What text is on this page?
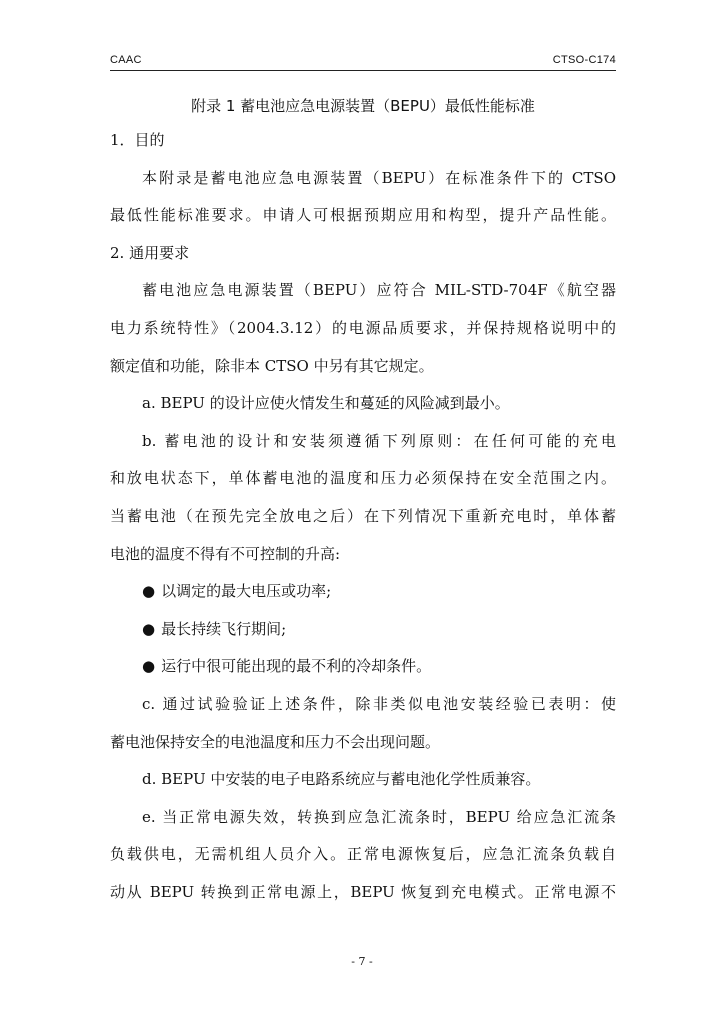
CAAC	CTSO-C174

附录 1 蓄电池应急电源装置（BEPU）最低性能标准

1．目的

本附录是蓄电池应急电源装置（BEPU）在标准条件下的 CTSO

最低性能标准要求。申请人可根据预期应用和构型，提升产品性能。

2. 通用要求

蓄电池应急电源装置（BEPU）应符合 MIL-STD-704F《航空器

电力系统特性》（2004.3.12）的电源品质要求，并保持规格说明中的

额定值和功能，除非本 CTSO 中另有其它规定。

a. BEPU 的设计应使火情发生和蔓延的风险减到最小。

b. 蓄电池的设计和安装须遵循下列原则：在任何可能的充电

和放电状态下，单体蓄电池的温度和压力必须保持在安全范围之内。

当蓄电池（在预先完全放电之后）在下列情况下重新充电时，单体蓄

电池的温度不得有不可控制的升高:

● 以调定的最大电压或功率;

● 最长持续飞行期间;

● 运行中很可能出现的最不利的冷却条件。

c. 通过试验验证上述条件，除非类似电池安装经验已表明：使

蓄电池保持安全的电池温度和压力不会出现问题。

d. BEPU 中安装的电子电路系统应与蓄电池化学性质兼容。

e. 当正常电源失效，转换到应急汇流条时，BEPU 给应急汇流条

负载供电，无需机组人员介入。正常电源恢复后，应急汇流条负载自

动从 BEPU 转换到正常电源上，BEPU 恢复到充电模式。正常电源不

- 7 -
